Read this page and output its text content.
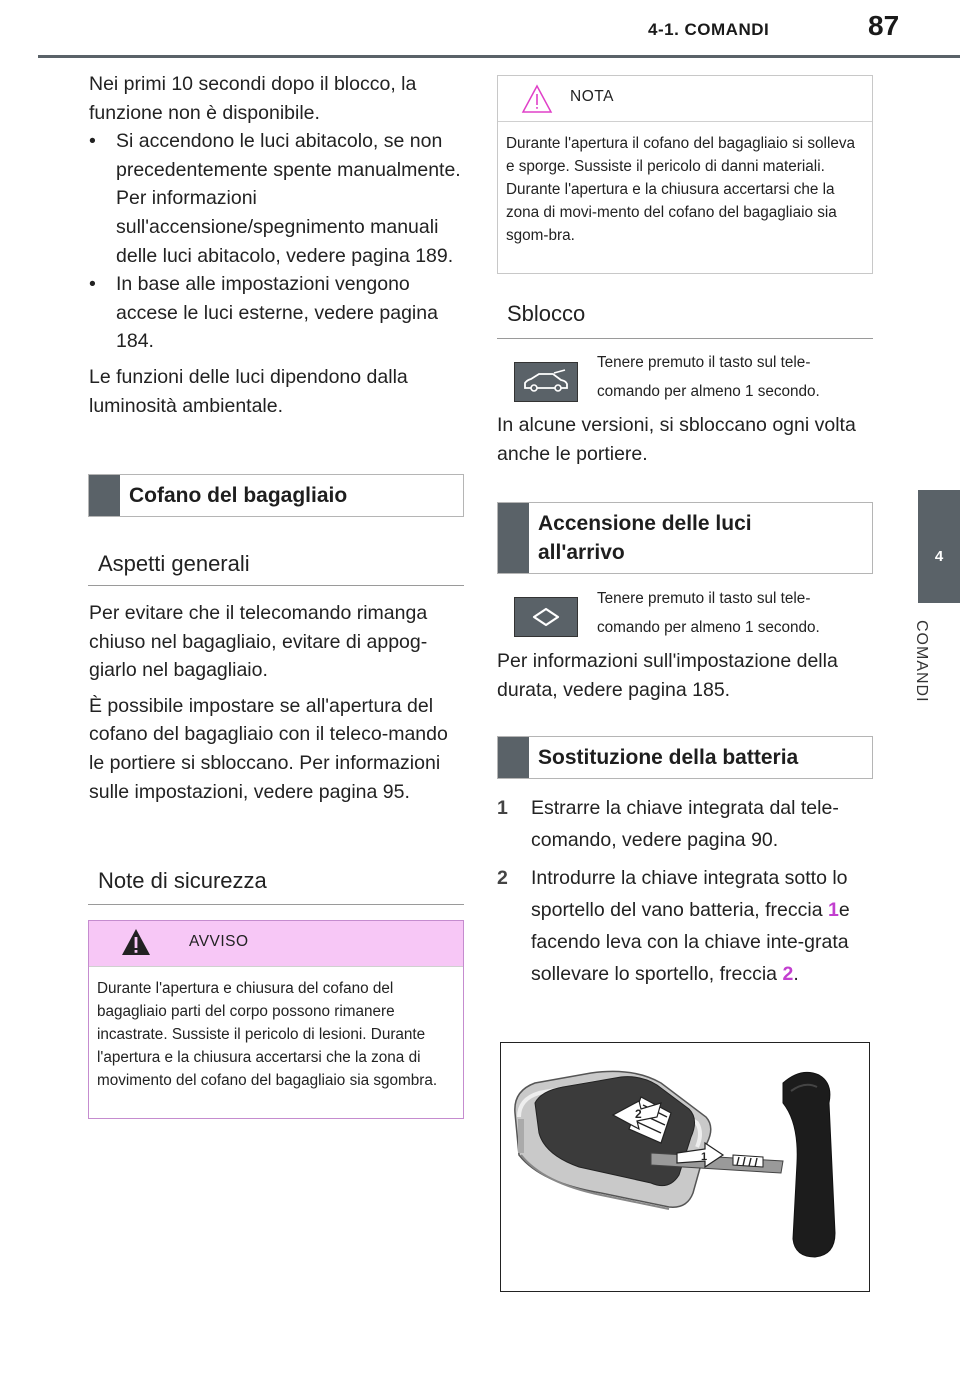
4-1. COMANDI	87
4
COMANDI

Nei primi 10 secondi dopo il blocco, la funzione non è disponibile.

• Si accendono le luci abitacolo, se non precedentemente spente manualmente. Per informazioni sull'accensione/spegnimento manuali delle luci abitacolo, vedere pagina 189.
• In base alle impostazioni vengono accese le luci esterne, vedere pagina 184.

Le funzioni delle luci dipendono dalla luminosità ambientale.

Cofano del bagagliaio
Aspetti generali

Per evitare che il telecomando rimanga chiuso nel bagagliaio, evitare di appog-giarlo nel bagagliaio.

È possibile impostare se all'apertura del cofano del bagagliaio con il teleco-mando le portiere si sbloccano. Per informazioni sulle impostazioni, vedere pagina 95.

Note di sicurezza
AVVISO
Durante l'apertura e chiusura del cofano del bagagliaio parti del corpo possono rimanere incastrate. Sussiste il pericolo di lesioni. Durante l'apertura e la chiusura accertarsi che la zona di movimento del cofano del bagagliaio sia sgombra.
NOTA
Durante l'apertura il cofano del bagagliaio si solleva e sporge. Sussiste il pericolo di danni materiali. Durante l'apertura e la chiusura accertarsi che la zona di movi-mento del cofano del bagagliaio sia sgom-bra.
Sblocco
Tenere premuto il tasto sul tele-
comando per almeno 1 secondo.
In alcune versioni, si sbloccano ogni volta anche le portiere.
Accensione delle luci all'arrivo
Tenere premuto il tasto sul tele-
comando per almeno 1 secondo.
Per informazioni sull'impostazione della durata, vedere pagina 185.
Sostituzione della batteria
1 Estrarre la chiave integrata dal tele-comando, vedere pagina 90.
2 Introdurre la chiave integrata sotto lo sportello del vano batteria, freccia 1e facendo leva con la chiave inte-grata sollevare lo sportello, freccia 2.
2
1
